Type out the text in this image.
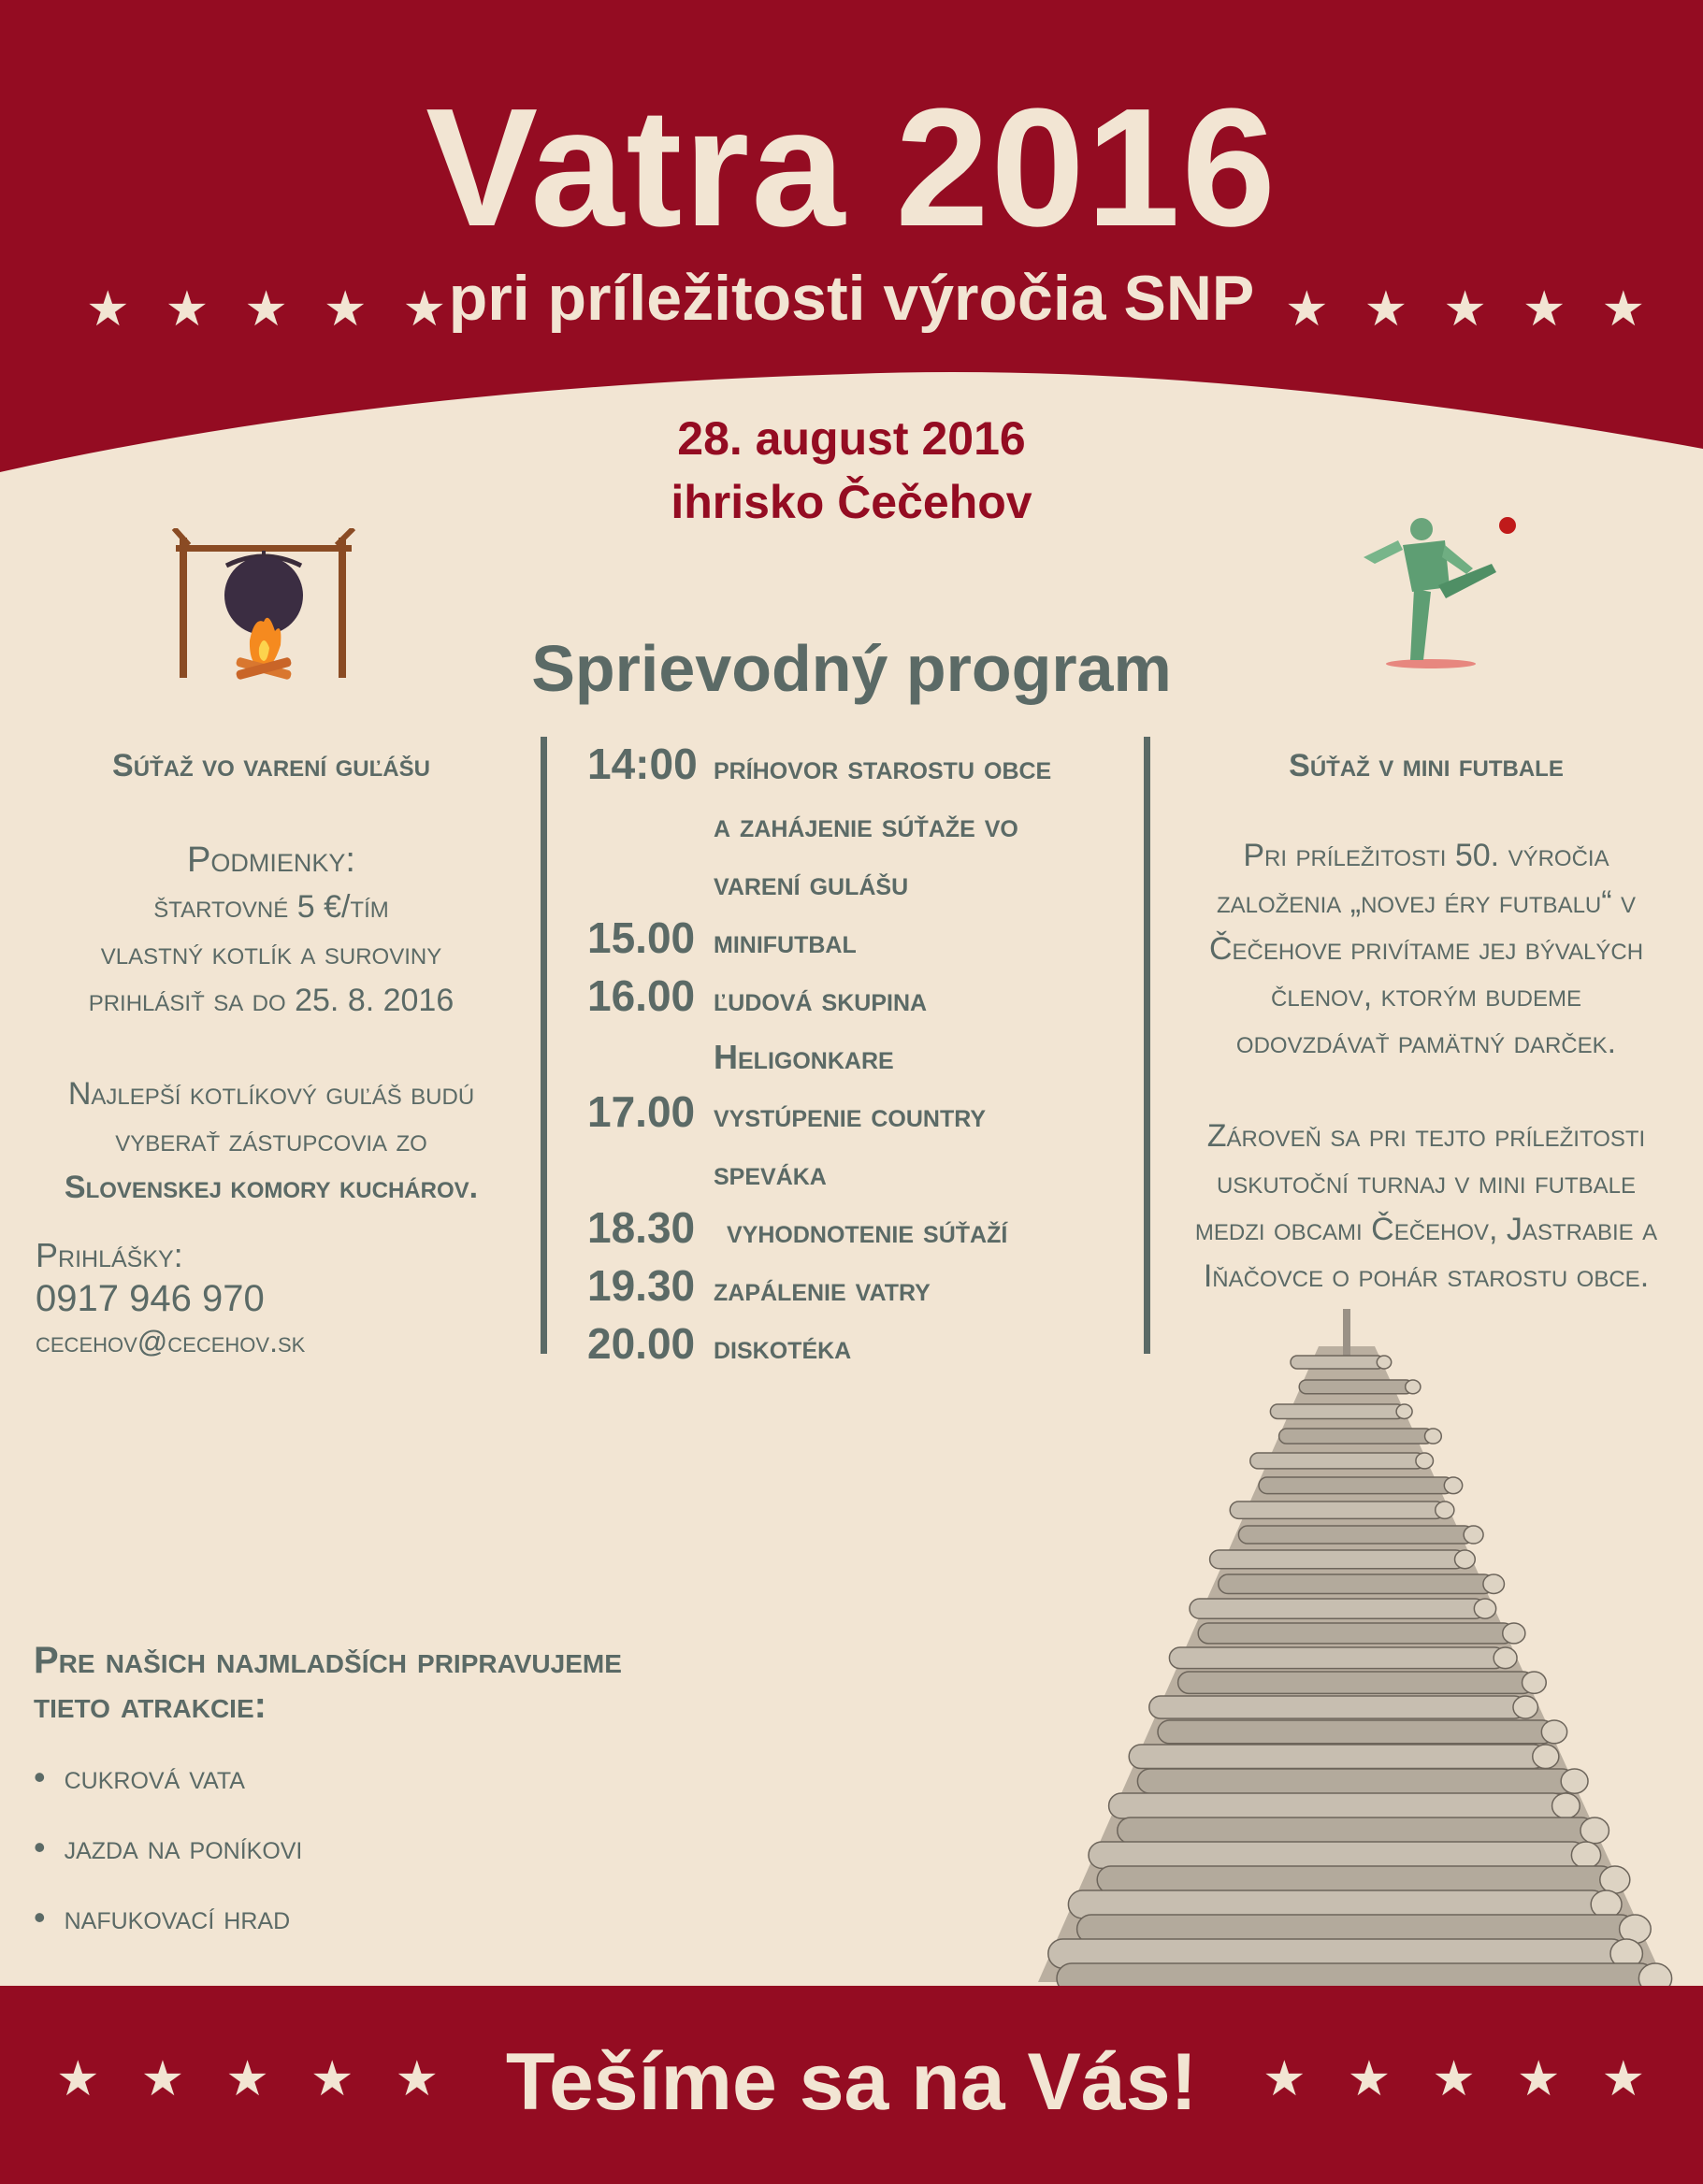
Vatra 2016
★ ★ ★ ★ ★ pri príležitosti výročia SNP ★ ★ ★ ★ ★
28. august 2016
ihrisko Čečehov
Sprievodný program
Súťaž vo varení guľášu
Podmienky:
štartovné 5 €/tím
vlastný kotlík a suroviny
prihlásiť sa do 25. 8. 2016
Najlepší kotlíkový guľáš budú
vyberať zástupcovia zo
Slovenskej komory kuchárov.
Prihlášky:
0917 946 970
cecehov@cecehov.sk
14:00 príhovor starostu obce
a zahájenie súťaže vo
varení gulášu
15.00 minifutbal
16.00 ľudová skupina
Heligonkare
17.00 vystúpenie country
speváka
18.30 vyhodnotenie súťaží
19.30 zapálenie vatry
20.00 diskotéka
Súťaž v mini futbale
Pri príležitosti 50. výročia
založenia „novej éry futbalu“ v
Čečehove privítame jej bývalých
členov, ktorým budeme
odovzdávať pamätný darček.
Zároveň sa pri tejto príležitosti
uskutoční turnaj v mini futbale
medzi obcami Čečehov, Jastrabie a
Iňačovce o pohár starostu obce.
Pre našich najmladších pripravujeme
tieto atrakcie:
•  cukrová vata
•  jazda na poníkovi
•  nafukovací hrad
★ ★ ★ ★ ★ Tešíme sa na Vás!	★ ★ ★ ★ ★
